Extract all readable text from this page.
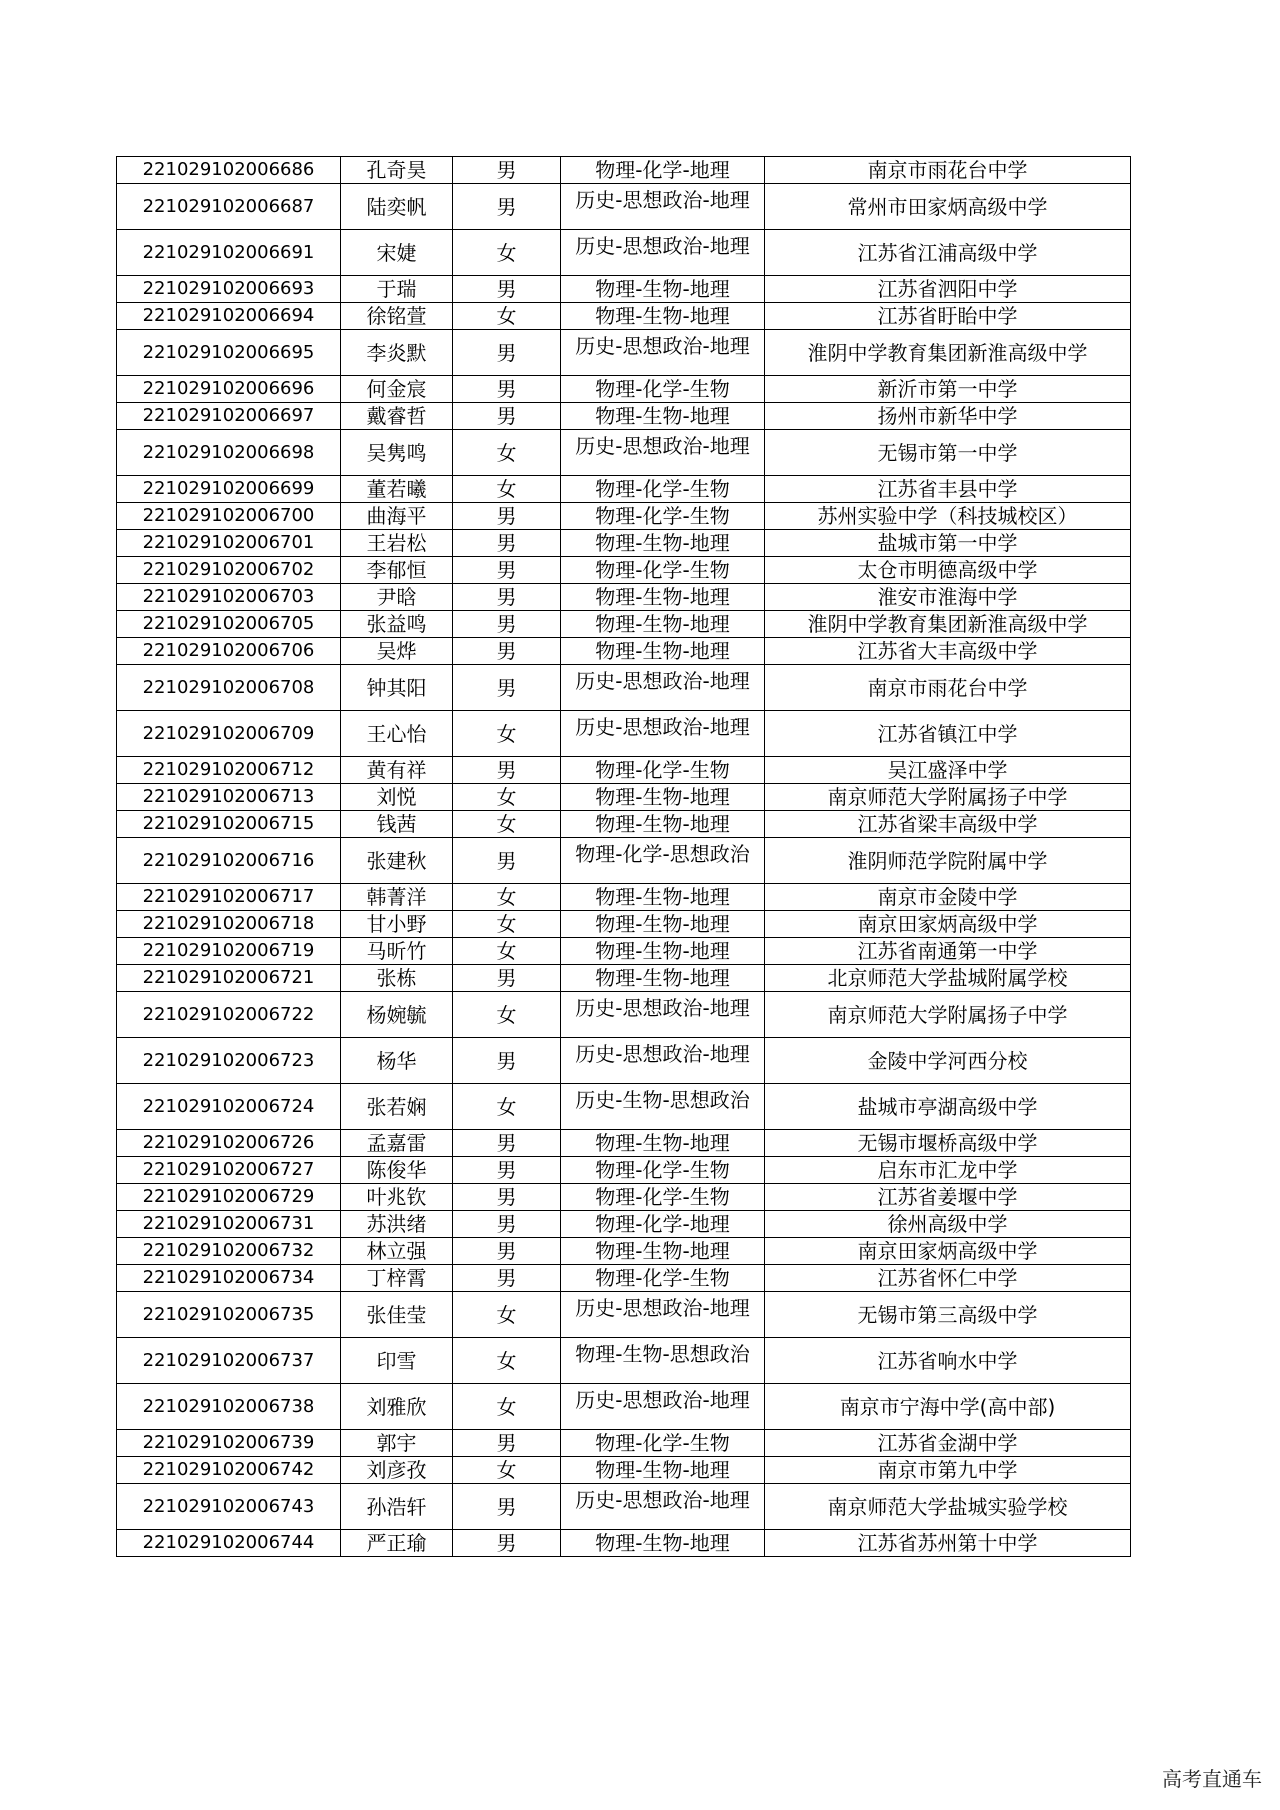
221029102006686	孔奇昊	男	物理-化学-地理	南京市雨花台中学
221029102006687	陆奕帆	男	历史-思想政治-地理	常州市田家炳高级中学
221029102006691	宋婕	女	历史-思想政治-地理	江苏省江浦高级中学
221029102006693	于瑞	男	物理-生物-地理	江苏省泗阳中学
221029102006694	徐铭萱	女	物理-生物-地理	江苏省盱眙中学
221029102006695	李炎默	男	历史-思想政治-地理	淮阴中学教育集团新淮高级中学
221029102006696	何金宸	男	物理-化学-生物	新沂市第一中学
221029102006697	戴睿哲	男	物理-生物-地理	扬州市新华中学
221029102006698	吴隽鸣	女	历史-思想政治-地理	无锡市第一中学
221029102006699	董若曦	女	物理-化学-生物	江苏省丰县中学
221029102006700	曲海平	男	物理-化学-生物	苏州实验中学（科技城校区）
221029102006701	王岩松	男	物理-生物-地理	盐城市第一中学
221029102006702	李郁恒	男	物理-化学-生物	太仓市明德高级中学
221029102006703	尹晗	男	物理-生物-地理	淮安市淮海中学
221029102006705	张益鸣	男	物理-生物-地理	淮阴中学教育集团新淮高级中学
221029102006706	吴烨	男	物理-生物-地理	江苏省大丰高级中学
221029102006708	钟其阳	男	历史-思想政治-地理	南京市雨花台中学
221029102006709	王心怡	女	历史-思想政治-地理	江苏省镇江中学
221029102006712	黄有祥	男	物理-化学-生物	吴江盛泽中学
221029102006713	刘悦	女	物理-生物-地理	南京师范大学附属扬子中学
221029102006715	钱茜	女	物理-生物-地理	江苏省梁丰高级中学
221029102006716	张建秋	男	物理-化学-思想政治	淮阴师范学院附属中学
221029102006717	韩菁洋	女	物理-生物-地理	南京市金陵中学
221029102006718	甘小野	女	物理-生物-地理	南京田家炳高级中学
221029102006719	马昕竹	女	物理-生物-地理	江苏省南通第一中学
221029102006721	张栋	男	物理-生物-地理	北京师范大学盐城附属学校
221029102006722	杨婉毓	女	历史-思想政治-地理	南京师范大学附属扬子中学
221029102006723	杨华	男	历史-思想政治-地理	金陵中学河西分校
221029102006724	张若娴	女	历史-生物-思想政治	盐城市亭湖高级中学
221029102006726	孟嘉雷	男	物理-生物-地理	无锡市堰桥高级中学
221029102006727	陈俊华	男	物理-化学-生物	启东市汇龙中学
221029102006729	叶兆钦	男	物理-化学-生物	江苏省姜堰中学
221029102006731	苏洪绪	男	物理-化学-地理	徐州高级中学
221029102006732	林立强	男	物理-生物-地理	南京田家炳高级中学
221029102006734	丁梓霄	男	物理-化学-生物	江苏省怀仁中学
221029102006735	张佳莹	女	历史-思想政治-地理	无锡市第三高级中学
221029102006737	印雪	女	物理-生物-思想政治	江苏省响水中学
221029102006738	刘雅欣	女	历史-思想政治-地理	南京市宁海中学(高中部)
221029102006739	郭宇	男	物理-化学-生物	江苏省金湖中学
221029102006742	刘彦孜	女	物理-生物-地理	南京市第九中学
221029102006743	孙浩轩	男	历史-思想政治-地理	南京师范大学盐城实验学校
221029102006744	严正瑜	男	物理-生物-地理	江苏省苏州第十中学
高考直通车
